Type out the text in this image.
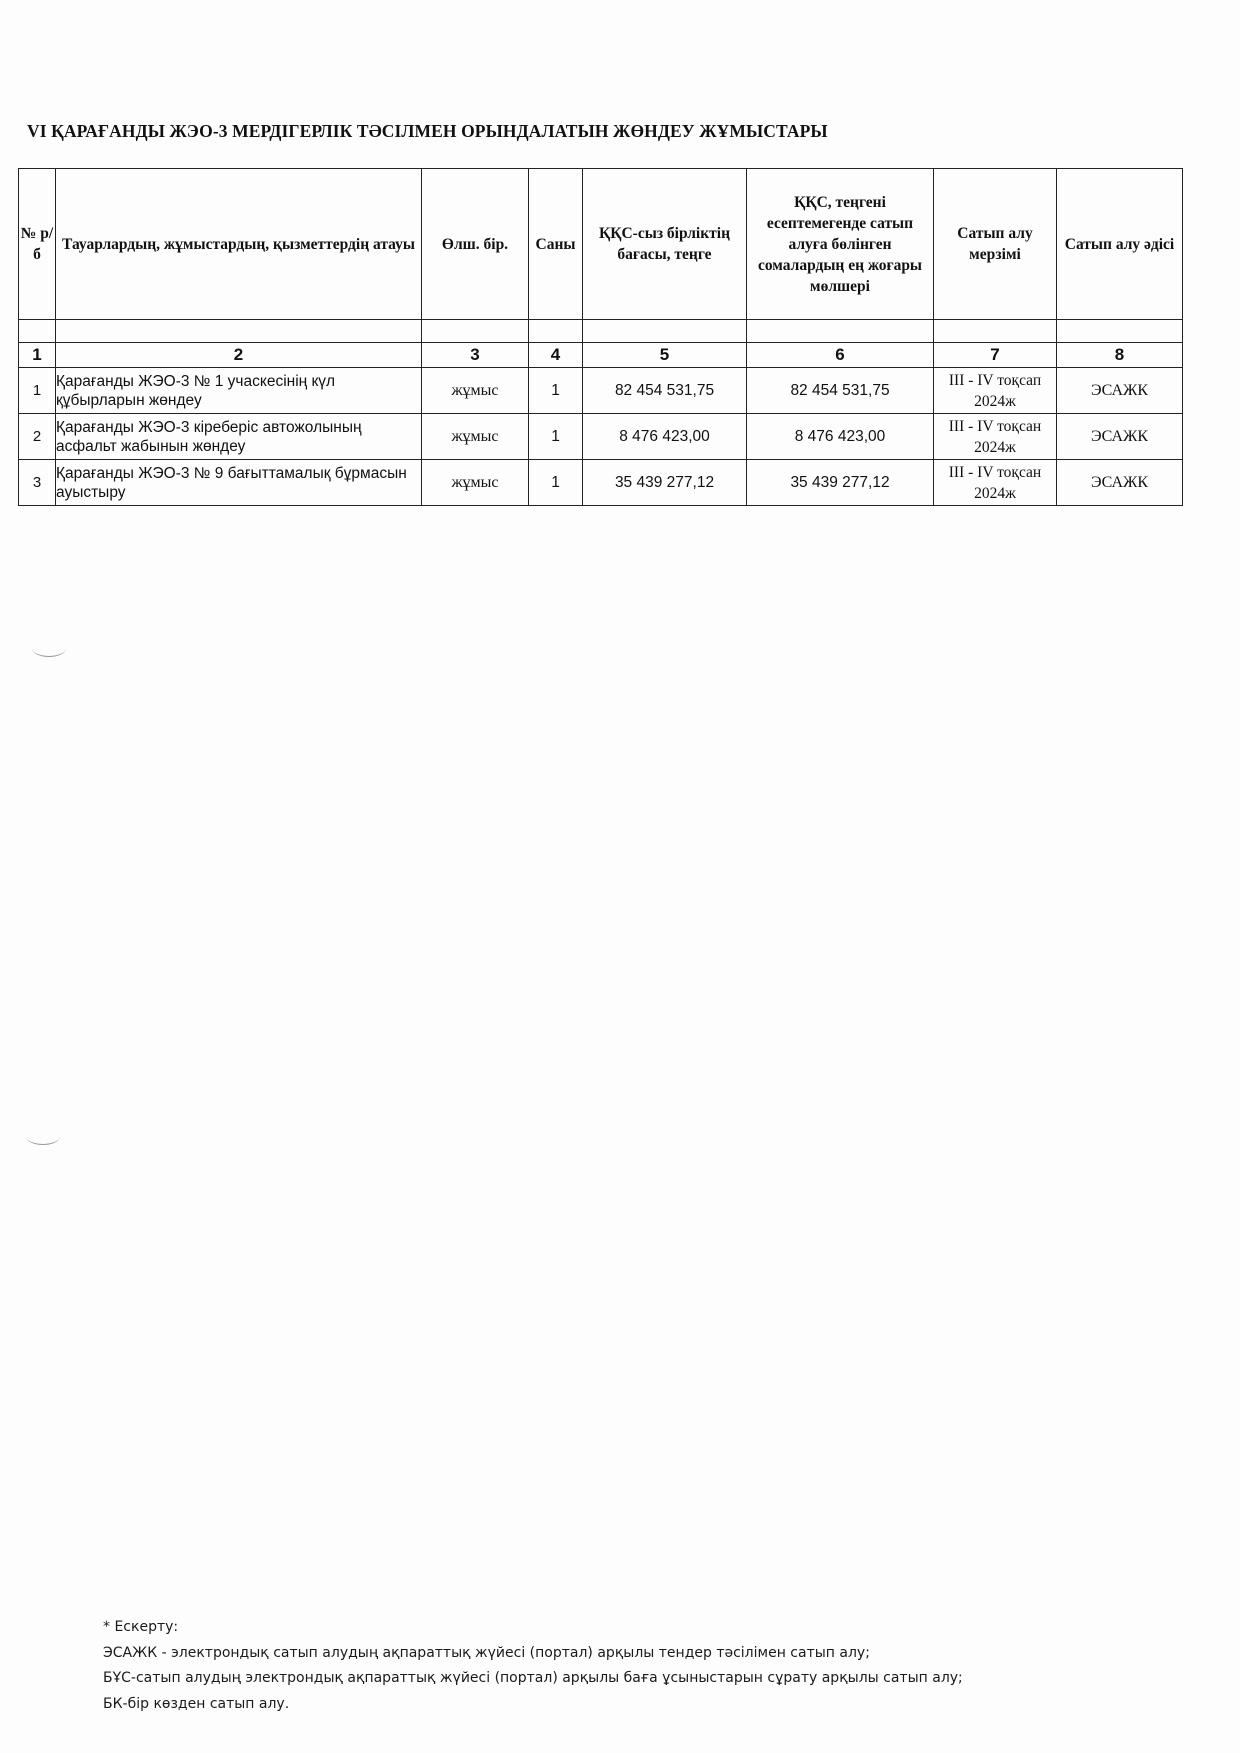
VI ҚАРАҒАНДЫ ЖЭО-3 МЕРДІГЕРЛІК ТӘСІЛМЕН ОРЫНДАЛАТЫН ЖӨНДЕУ ЖҰМЫСТАРЫ
№ р/б	Тауарлардың, жұмыстардың, қызметтердің атауы	Өлш. бір.	Саны	ҚҚС-сыз бірліктің бағасы, теңге	ҚҚС, теңгені есептемегенде сатып алуға бөлінген сомалардың ең жоғары мөлшері	Сатып алу мерзімі	Сатып алу әдісі

1	2	3	4	5	6	7	8
1	Қарағанды ЖЭО-3 № 1 учаскесінің күл құбырларын жөндеу	жұмыс	1	82 454 531,75	82 454 531,75	III - IV тоқсап 2024ж	ЭСАЖК
2	Қарағанды ЖЭО-3 кіреберіс автожолының асфальт жабынын жөндеу	жұмыс	1	8 476 423,00	8 476 423,00	III - IV тоқсан 2024ж	ЭСАЖК
3	Қарағанды ЖЭО-3 № 9 бағыттамалық бұрмасын ауыстыру	жұмыс	1	35 439 277,12	35 439 277,12	III - IV тоқсан 2024ж	ЭСАЖК
* Ескерту:
ЭСАЖК - электрондық сатып алудың ақпараттық жүйесі (портал) арқылы тендер тәсілімен сатып алу;
БҰС-сатып алудың электрондық ақпараттық жүйесі (портал) арқылы баға ұсыныстарын сұрату арқылы сатып алу;
БК-бір көзден сатып алу.
